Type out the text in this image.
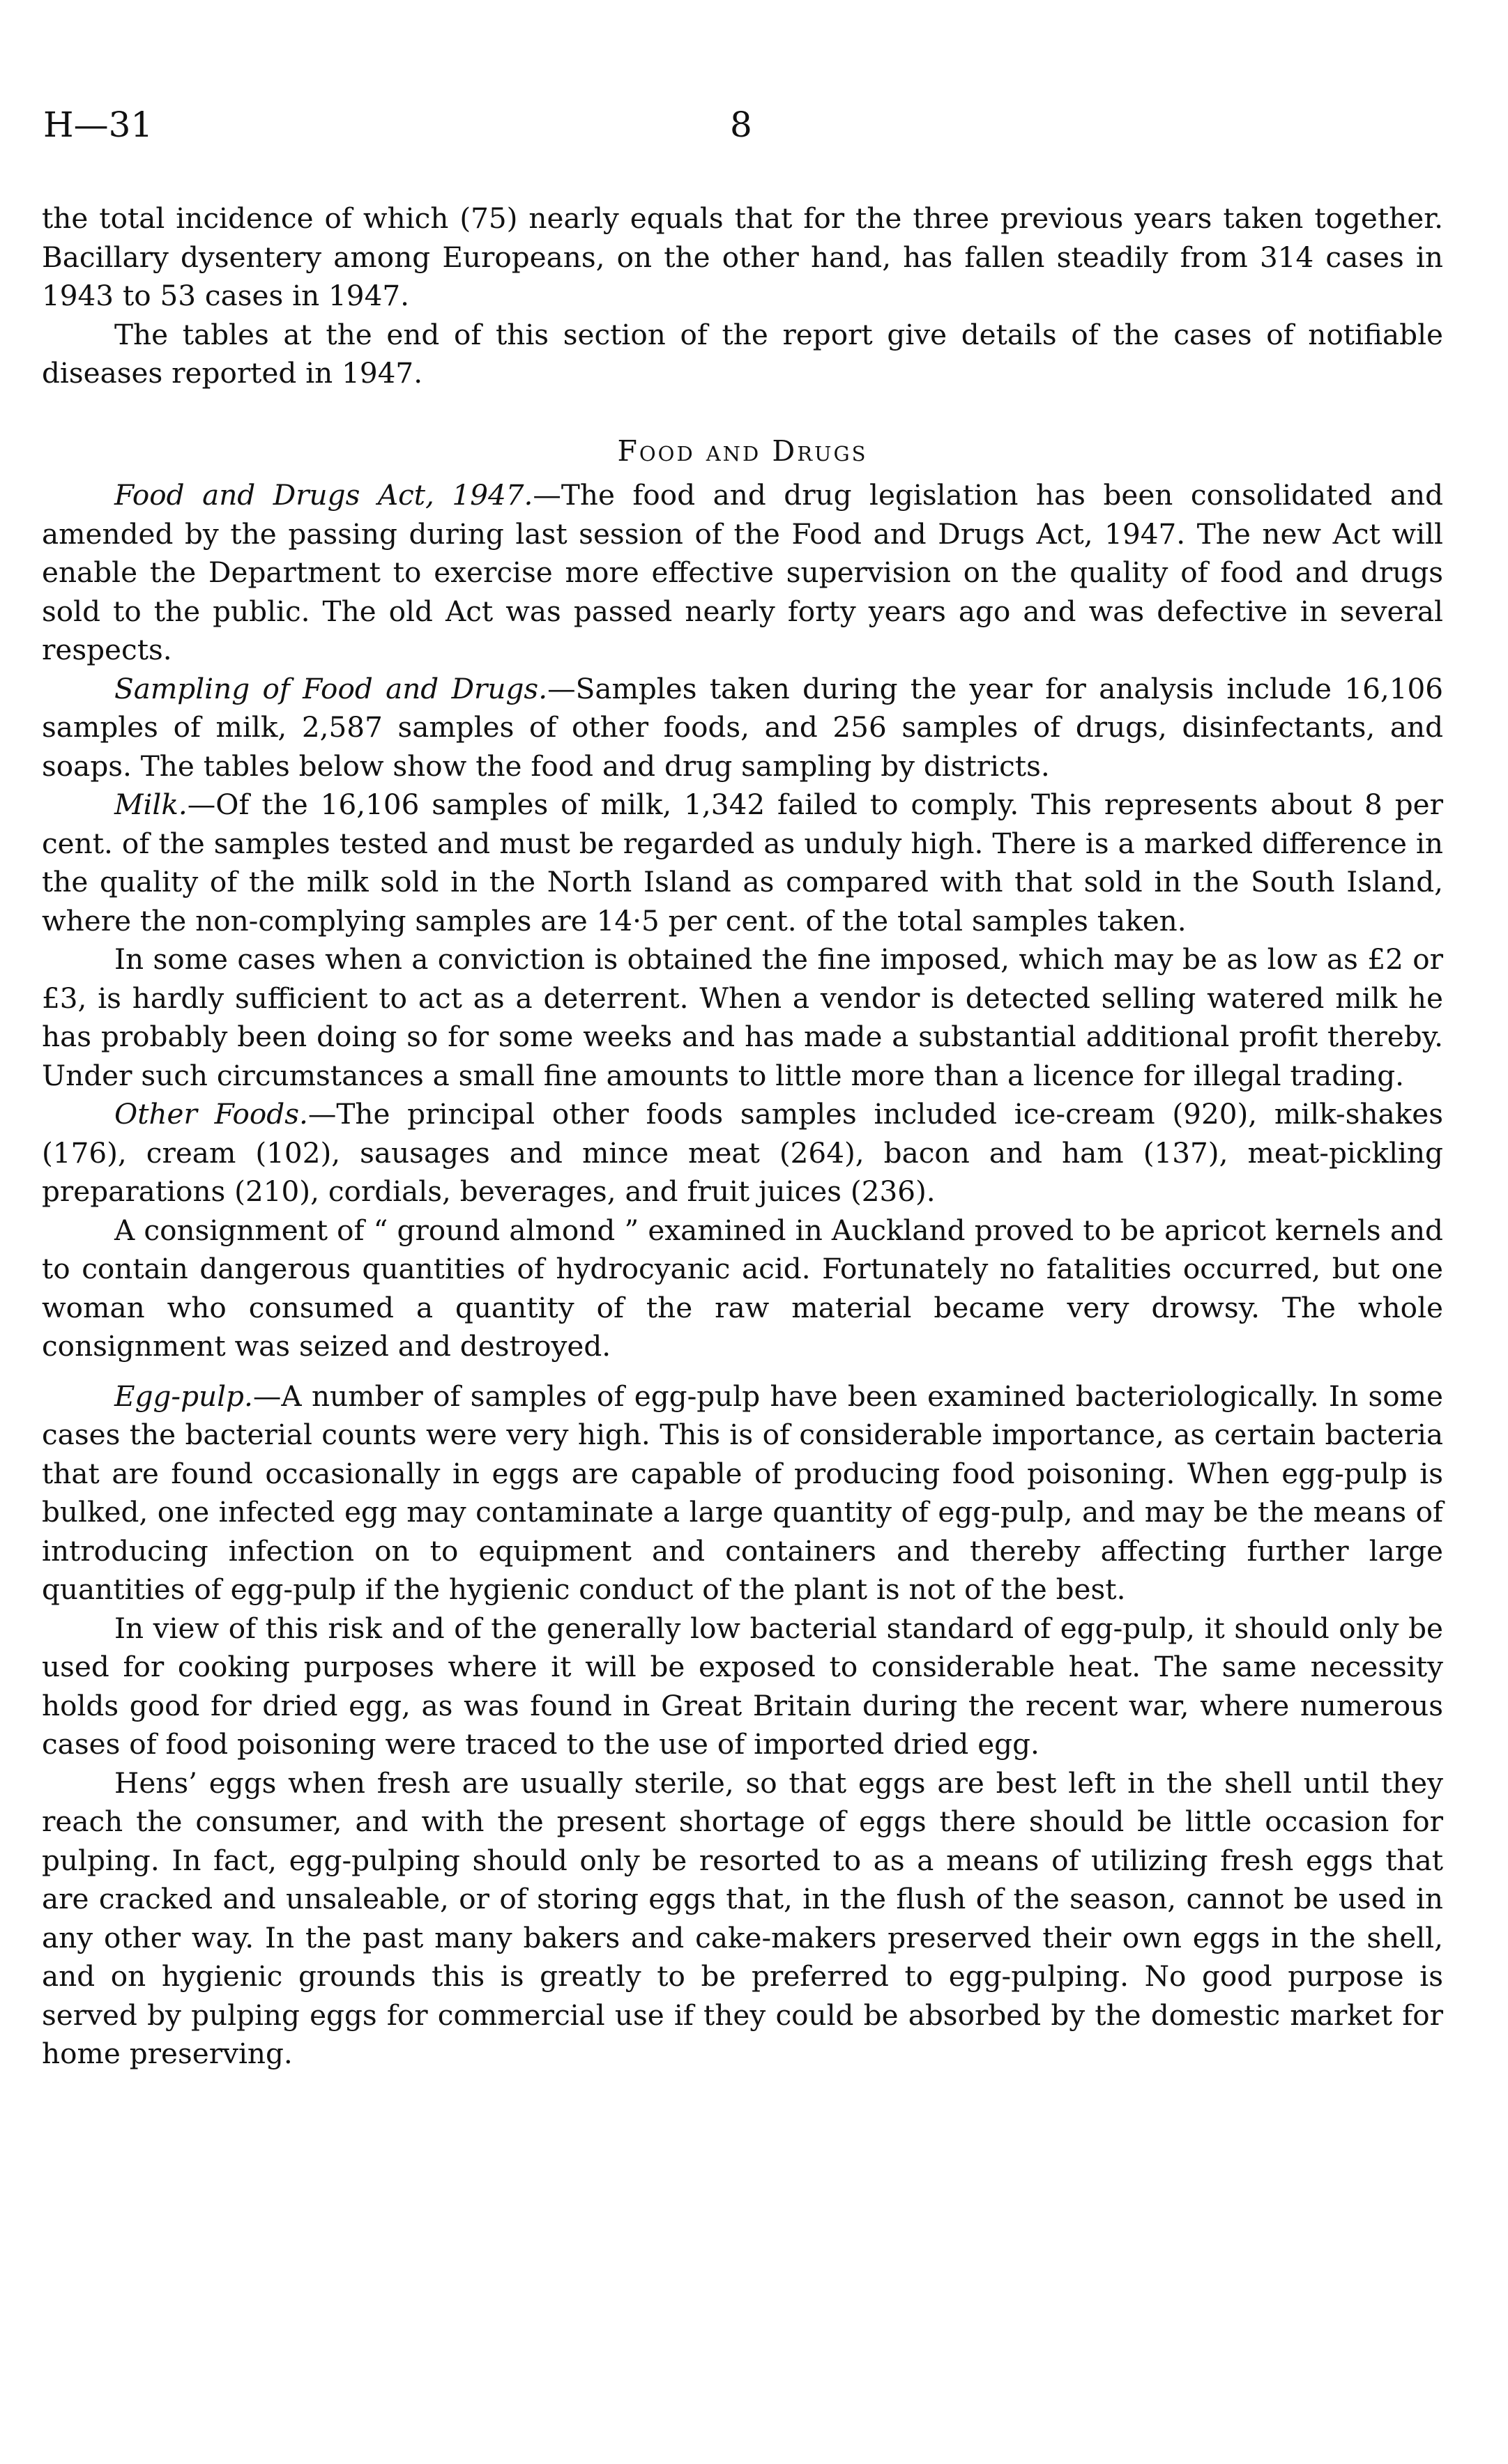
H—31	8

the total incidence of which (75) nearly equals that for the three previous years taken together. Bacillary dysentery among Europeans, on the other hand, has fallen steadily from 314 cases in 1943 to 53 cases in 1947.

The tables at the end of this section of the report give details of the cases of notifiable diseases reported in 1947.

Food and Drugs

Food and Drugs Act, 1947.—The food and drug legislation has been consolidated and amended by the passing during last session of the Food and Drugs Act, 1947. The new Act will enable the Department to exercise more effective supervision on the quality of food and drugs sold to the public. The old Act was passed nearly forty years ago and was defective in several respects.

Sampling of Food and Drugs.—Samples taken during the year for analysis include 16,106 samples of milk, 2,587 samples of other foods, and 256 samples of drugs, disinfectants, and soaps. The tables below show the food and drug sampling by districts.

Milk.—Of the 16,106 samples of milk, 1,342 failed to comply. This represents about 8 per cent. of the samples tested and must be regarded as unduly high. There is a marked difference in the quality of the milk sold in the North Island as compared with that sold in the South Island, where the non-complying samples are 14·5 per cent. of the total samples taken.

In some cases when a conviction is obtained the fine imposed, which may be as low as £2 or £3, is hardly sufficient to act as a deterrent. When a vendor is detected selling watered milk he has probably been doing so for some weeks and has made a substantial additional profit thereby. Under such circumstances a small fine amounts to little more than a licence for illegal trading.

Other Foods.—The principal other foods samples included ice-cream (920), milk-shakes (176), cream (102), sausages and mince meat (264), bacon and ham (137), meat-pickling preparations (210), cordials, beverages, and fruit juices (236).

A consignment of “ ground almond ” examined in Auckland proved to be apricot kernels and to contain dangerous quantities of hydrocyanic acid. Fortunately no fatalities occurred, but one woman who consumed a quantity of the raw material became very drowsy. The whole consignment was seized and destroyed.

Egg-pulp.—A number of samples of egg-pulp have been examined bacteriologically. In some cases the bacterial counts were very high. This is of considerable importance, as certain bacteria that are found occasionally in eggs are capable of producing food poisoning. When egg-pulp is bulked, one infected egg may contaminate a large quantity of egg-pulp, and may be the means of introducing infection on to equipment and containers and thereby affecting further large quantities of egg-pulp if the hygienic conduct of the plant is not of the best.

In view of this risk and of the generally low bacterial standard of egg-pulp, it should only be used for cooking purposes where it will be exposed to considerable heat. The same necessity holds good for dried egg, as was found in Great Britain during the recent war, where numerous cases of food poisoning were traced to the use of imported dried egg.

Hens’ eggs when fresh are usually sterile, so that eggs are best left in the shell until they reach the consumer, and with the present shortage of eggs there should be little occasion for pulping. In fact, egg-pulping should only be resorted to as a means of utilizing fresh eggs that are cracked and unsaleable, or of storing eggs that, in the flush of the season, cannot be used in any other way. In the past many bakers and cake-makers preserved their own eggs in the shell, and on hygienic grounds this is greatly to be preferred to egg-pulping. No good purpose is served by pulping eggs for commercial use if they could be absorbed by the domestic market for home preserving.
